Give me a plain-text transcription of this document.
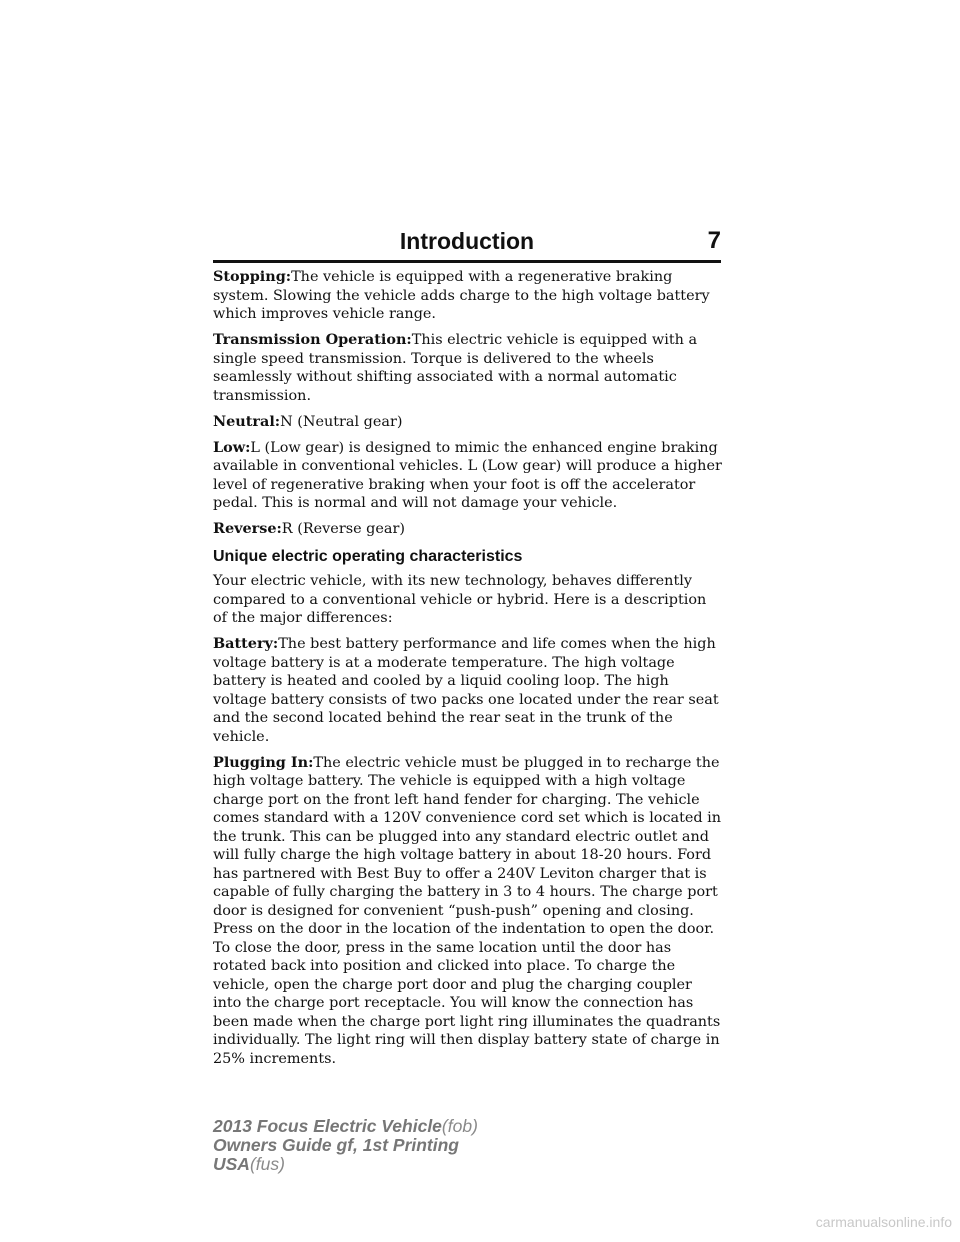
Introduction	7

Stopping:The vehicle is equipped with a regenerative braking system. Slowing the vehicle adds charge to the high voltage battery which improves vehicle range.

Transmission Operation:This electric vehicle is equipped with a single speed transmission. Torque is delivered to the wheels seamlessly without shifting associated with a normal automatic transmission.

Neutral:N (Neutral gear)

Low:L (Low gear) is designed to mimic the enhanced engine braking available in conventional vehicles. L (Low gear) will produce a higher level of regenerative braking when your foot is off the accelerator pedal. This is normal and will not damage your vehicle.

Reverse:R (Reverse gear)

Unique electric operating characteristics

Your electric vehicle, with its new technology, behaves differently compared to a conventional vehicle or hybrid. Here is a description of the major differences:

Battery:The best battery performance and life comes when the high voltage battery is at a moderate temperature. The high voltage battery is heated and cooled by a liquid cooling loop. The high voltage battery consists of two packs one located under the rear seat and the second located behind the rear seat in the trunk of the vehicle.

Plugging In:The electric vehicle must be plugged in to recharge the high voltage battery. The vehicle is equipped with a high voltage charge port on the front left hand fender for charging. The vehicle comes standard with a 120V convenience cord set which is located in the trunk. This can be plugged into any standard electric outlet and will fully charge the high voltage battery in about 18-20 hours. Ford has partnered with Best Buy to offer a 240V Leviton charger that is capable of fully charging the battery in 3 to 4 hours. The charge port door is designed for convenient “push-push” opening and closing. Press on the door in the location of the indentation to open the door. To close the door, press in the same location until the door has rotated back into position and clicked into place. To charge the vehicle, open the charge port door and plug the charging coupler into the charge port receptacle. You will know the connection has been made when the charge port light ring illuminates the quadrants individually. The light ring will then display battery state of charge in 25% increments.

2013 Focus Electric Vehicle(fob)
Owners Guide gf, 1st Printing
USA(fus)
carmanualsonline.info
